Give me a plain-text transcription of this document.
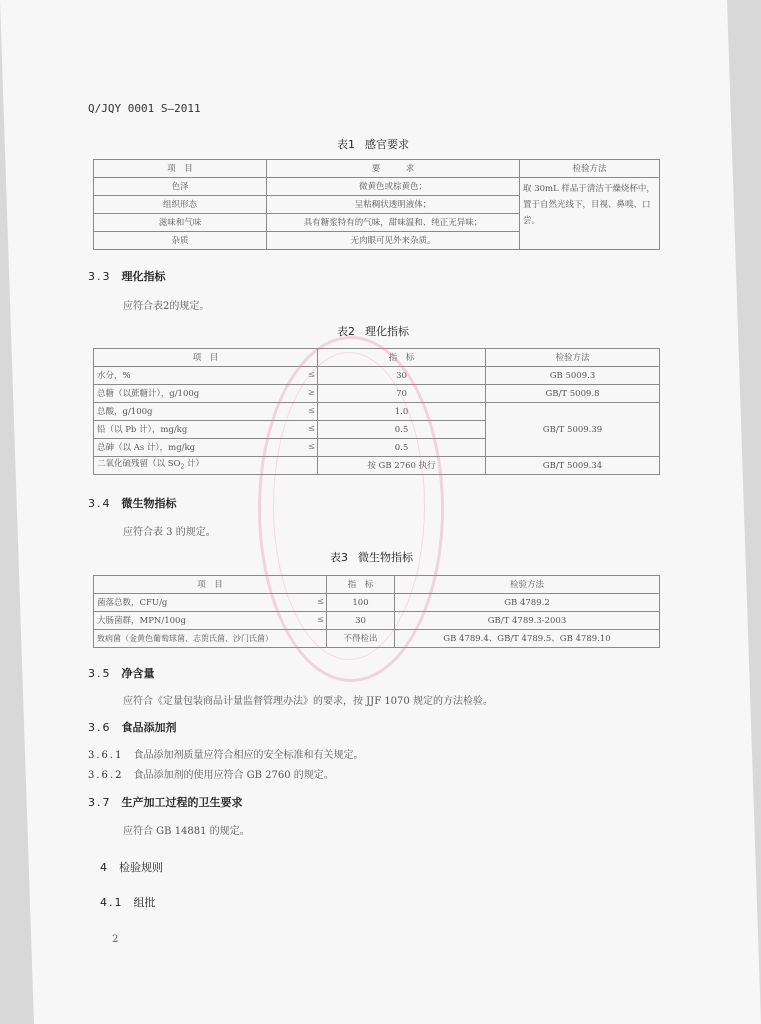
Q/JQY 0001 S—2011
表1 感官要求
项　目	要　　　求	检验方法
色泽	微黄色或棕黄色；	取 30mL 样品于清洁干燥烧杯中，置于自然光线下，目视、鼻嗅、口尝。
组织形态	呈粘稠状透明液体；	
滋味和气味	具有糖浆特有的气味，甜味温和、纯正无异味；	
杂质	无肉眼可见外来杂质。	
3.3 理化指标
应符合表2的规定。
表2 理化指标
项　目	指　标	检验方法
水分，% ≤	30	GB 5009.3
总糖（以蔗糖计），g/100g ≥	70	GB/T 5009.8
总酸，g/100g ≤	1.0	GB/T 5009.39
铅（以 Pb 计），mg/kg ≤	0.5	
总砷（以 As 计），mg/kg ≤	0.5	
二氧化硫残留（以 $SO_2$ 计）	按 GB 2760 执行	GB/T 5009.34
3.4 微生物指标
应符合表 3 的规定。
表3 微生物指标
项　目	指　标	检验方法
菌落总数，CFU/g ≤	100	GB 4789.2
大肠菌群，MPN/100g ≤	30	GB/T 4789.3-2003
致病菌（金黄色葡萄球菌、志贺氏菌、沙门氏菌）	不得检出	GB 4789.4、GB/T 4789.5、GB 4789.10
3.5 净含量
应符合《定量包装商品计量监督管理办法》的要求，按 JJF 1070 规定的方法检验。
3.6 食品添加剂
3.6.1 食品添加剂质量应符合相应的安全标准和有关规定。
3.6.2 食品添加剂的使用应符合 GB 2760 的规定。
3.7 生产加工过程的卫生要求
应符合 GB 14881 的规定。
4 检验规则
4.1 组批
2
